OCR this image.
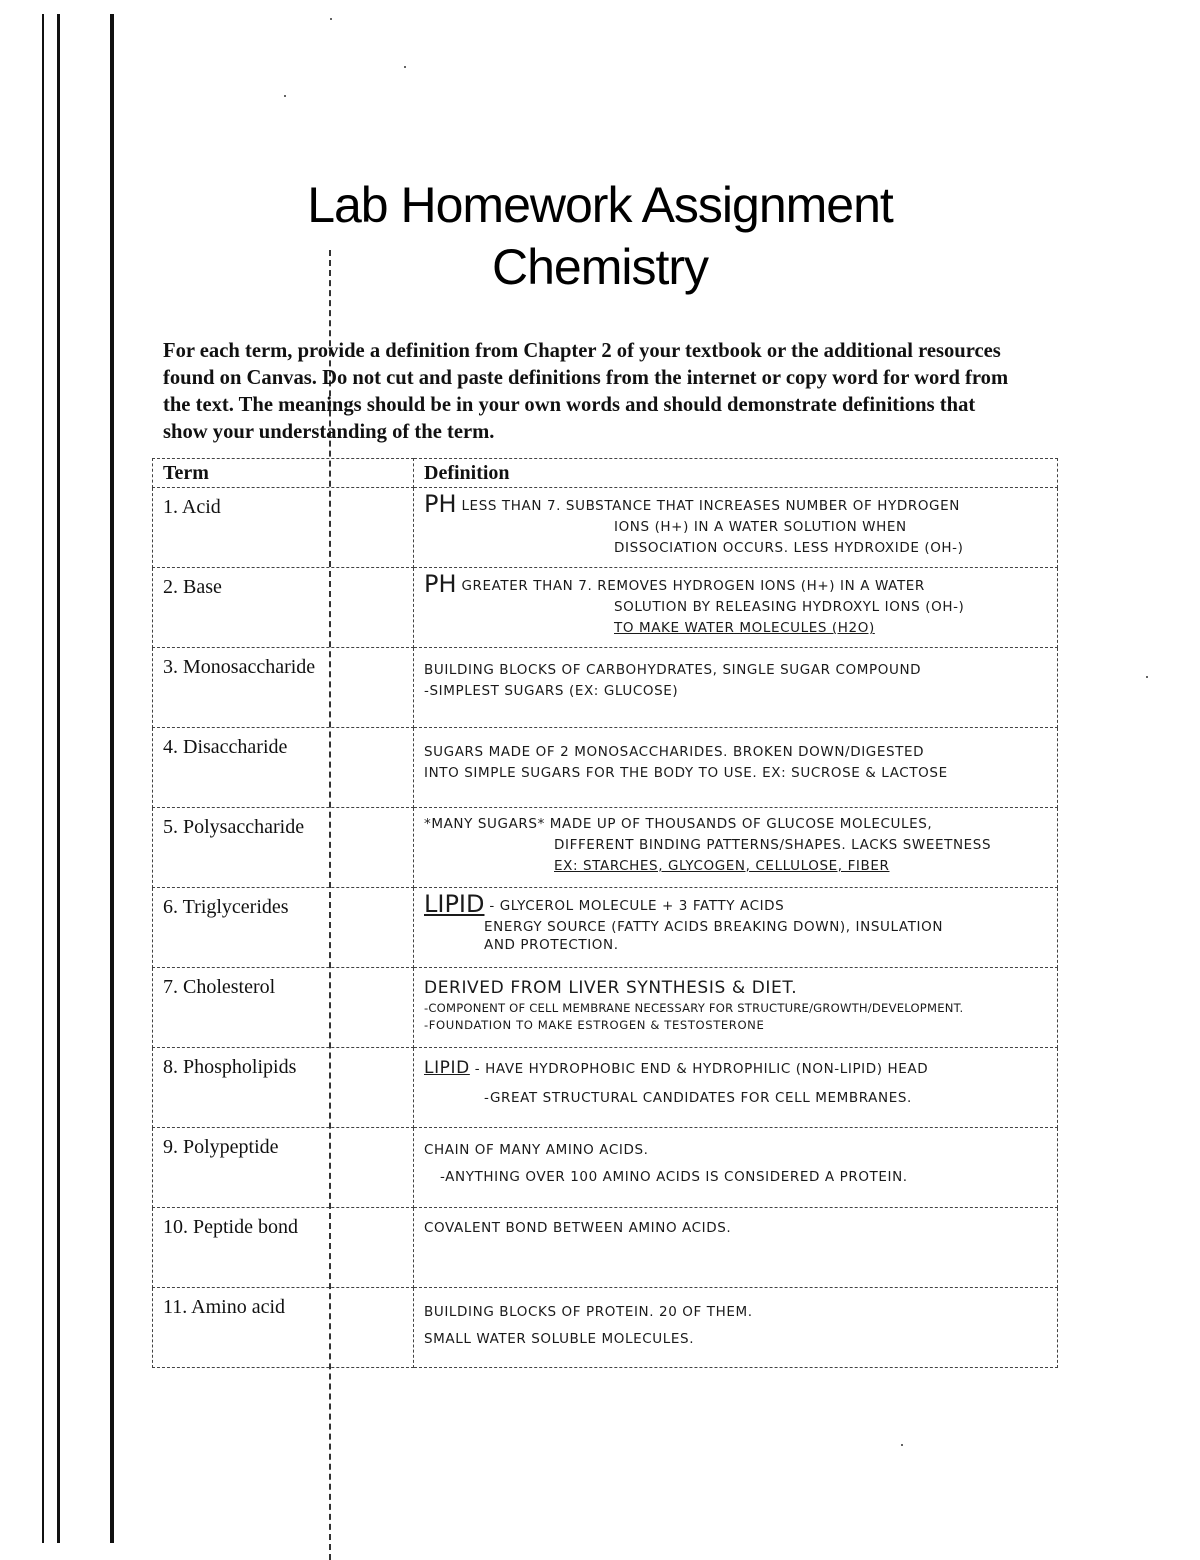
Lab Homework Assignment
Chemistry
For each term, provide a definition from Chapter 2 of your textbook or the additional resources found on Canvas. Do not cut and paste definitions from the internet or copy word for word from the text. The meanings should be in your own words and should demonstrate definitions that show your understanding of the term.
Term	Definition
1. Acid	PH LESS THAN 7. SUBSTANCE THAT INCREASES NUMBER OF HYDROGEN
IONS (H+) IN A WATER SOLUTION WHEN
DISSOCIATION OCCURS. LESS HYDROXIDE (OH-)

2. Base	PH GREATER THAN 7. REMOVES HYDROGEN IONS (H+) IN A WATER
SOLUTION BY RELEASING HYDROXYL IONS (OH-)
TO MAKE WATER MOLECULES (H2O)

3. Monosaccharide	BUILDING BLOCKS OF CARBOHYDRATES, SINGLE SUGAR COMPOUND
-SIMPLEST SUGARS (EX: GLUCOSE)

4. Disaccharide	SUGARS MADE OF 2 MONOSACCHARIDES. BROKEN DOWN/DIGESTED
INTO SIMPLE SUGARS FOR THE BODY TO USE. EX: SUCROSE & LACTOSE

5. Polysaccharide	*MANY SUGARS* MADE UP OF THOUSANDS OF GLUCOSE MOLECULES,
DIFFERENT BINDING PATTERNS/SHAPES. LACKS SWEETNESS
EX: STARCHES, GLYCOGEN, CELLULOSE, FIBER

6. Triglycerides	LIPID - GLYCEROL MOLECULE + 3 FATTY ACIDS
ENERGY SOURCE (FATTY ACIDS BREAKING DOWN), INSULATION
AND PROTECTION.

7. Cholesterol	DERIVED FROM LIVER SYNTHESIS & DIET.
-COMPONENT OF CELL MEMBRANE NECESSARY FOR STRUCTURE/GROWTH/DEVELOPMENT.
-FOUNDATION TO MAKE ESTROGEN & TESTOSTERONE

8. Phospholipids	LIPID - HAVE HYDROPHOBIC END & HYDROPHILIC (NON-LIPID) HEAD
-GREAT STRUCTURAL CANDIDATES FOR CELL MEMBRANES.

9. Polypeptide	CHAIN OF MANY AMINO ACIDS.
-ANYTHING OVER 100 AMINO ACIDS IS CONSIDERED A PROTEIN.

10. Peptide bond	COVALENT BOND BETWEEN AMINO ACIDS.

11. Amino acid	BUILDING BLOCKS OF PROTEIN. 20 OF THEM.
SMALL WATER SOLUBLE MOLECULES.
